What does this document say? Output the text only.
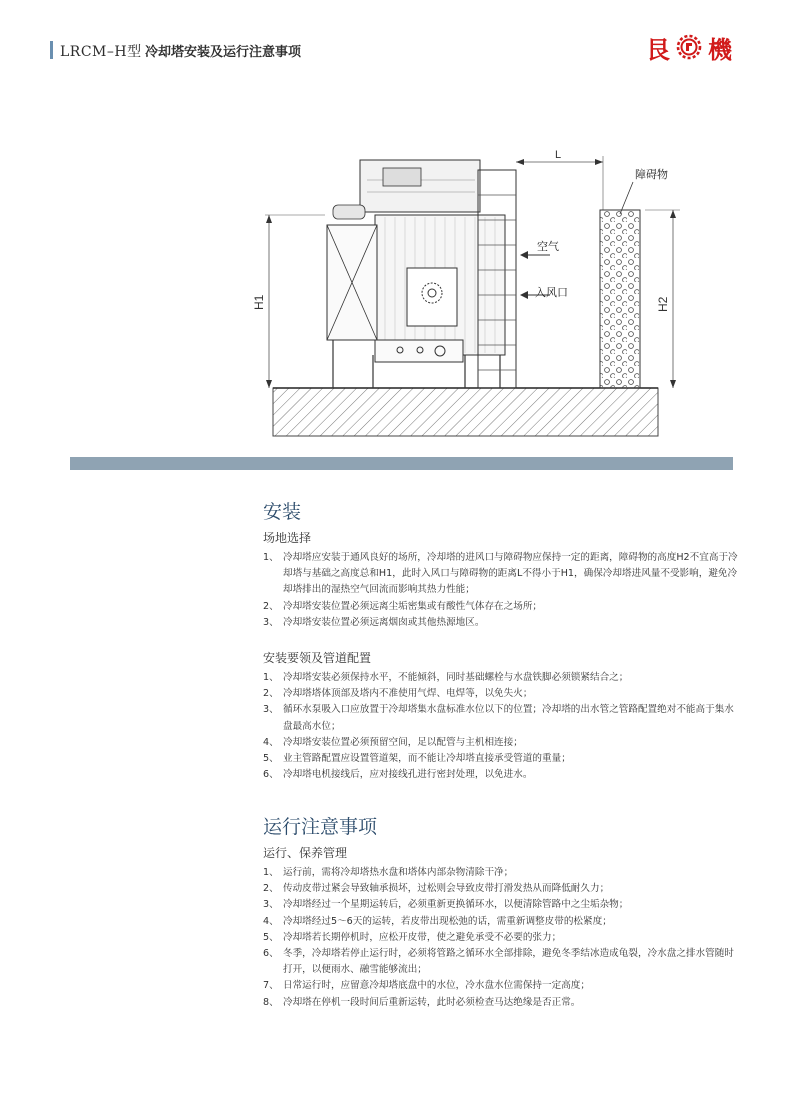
LRCM–H型 冷却塔安装及运行注意事项	艮 機
H1
L
空气
入风口
障碍物
H2
安装
场地选择
1、 冷却塔应安装于通风良好的场所，冷却塔的进风口与障碍物应保持一定的距离，障碍物的高度H2不宜高于冷却塔与基础之高度总和H1，此时入风口与障碍物的距离L不得小于H1，确保冷却塔进风量不受影响，避免冷却塔排出的湿热空气回流而影响其热力性能；
2、 冷却塔安装位置必须远离尘垢密集或有酸性气体存在之场所；
3、 冷却塔安装位置必须远离烟囱或其他热源地区。
安装要领及管道配置
1、 冷却塔安装必须保持水平，不能倾斜，同时基础螺栓与水盘铁脚必须锁紧结合之；
2、 冷却塔塔体顶部及塔内不准使用气焊、电焊等，以免失火；
3、 循环水泵吸入口应放置于冷却塔集水盘标准水位以下的位置；冷却塔的出水管之管路配置绝对不能高于集水盘最高水位；
4、 冷却塔安装位置必须预留空间，足以配管与主机相连接；
5、 业主管路配置应设置管道架，而不能让冷却塔直接承受管道的重量；
6、 冷却塔电机接线后，应对接线孔进行密封处理，以免进水。
运行注意事项
运行、保养管理
1、 运行前，需将冷却塔热水盘和塔体内部杂物清除干净；
2、 传动皮带过紧会导致轴承损坏，过松则会导致皮带打滑发热从而降低耐久力；
3、 冷却塔经过一个星期运转后，必须重新更换循环水，以便清除管路中之尘垢杂物；
4、 冷却塔经过5～6天的运转，若皮带出现松弛的话，需重新调整皮带的松紧度；
5、 冷却塔若长期停机时，应松开皮带，使之避免承受不必要的张力；
6、 冬季，冷却塔若停止运行时，必须将管路之循环水全部排除，避免冬季结冰造成龟裂，冷水盘之排水管随时打开，以便雨水、融雪能够流出；
7、 日常运行时，应留意冷却塔底盘中的水位，冷水盘水位需保持一定高度；
8、 冷却塔在停机一段时间后重新运转，此时必须检查马达绝缘是否正常。
